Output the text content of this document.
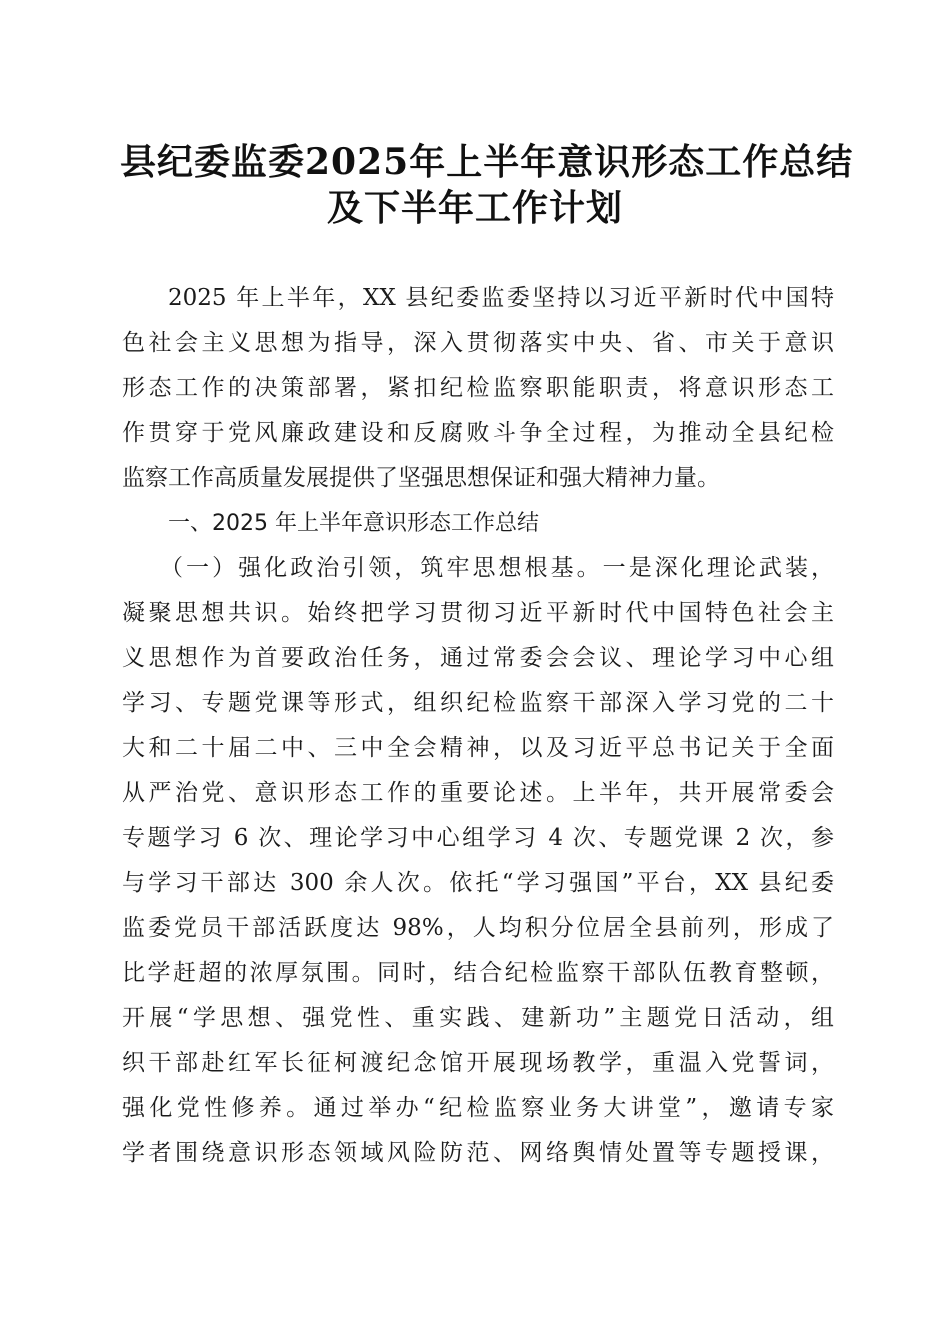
县纪委监委2025年上半年意识形态工作总结
及下半年工作计划
2025 年上半年，XX 县纪委监委坚持以习近平新时代中国特
色社会主义思想为指导，深入贯彻落实中央、省、市关于意识
形态工作的决策部署，紧扣纪检监察职能职责，将意识形态工
作贯穿于党风廉政建设和反腐败斗争全过程，为推动全县纪检
监察工作高质量发展提供了坚强思想保证和强大精神力量。
一、2025 年上半年意识形态工作总结
（一）强化政治引领，筑牢思想根基。一是深化理论武装，
凝聚思想共识。始终把学习贯彻习近平新时代中国特色社会主
义思想作为首要政治任务，通过常委会会议、理论学习中心组
学习、专题党课等形式，组织纪检监察干部深入学习党的二十
大和二十届二中、三中全会精神，以及习近平总书记关于全面
从严治党、意识形态工作的重要论述。上半年，共开展常委会
专题学习 6 次、理论学习中心组学习 4 次、专题党课 2 次，参
与学习干部达 300 余人次。依托“学习强国”平台，XX 县纪委
监委党员干部活跃度达 98%，人均积分位居全县前列，形成了
比学赶超的浓厚氛围。同时，结合纪检监察干部队伍教育整顿，
开展“学思想、强党性、重实践、建新功”主题党日活动，组
织干部赴红军长征柯渡纪念馆开展现场教学，重温入党誓词，
强化党性修养。通过举办“纪检监察业务大讲堂”，邀请专家
学者围绕意识形态领域风险防范、网络舆情处置等专题授课，
